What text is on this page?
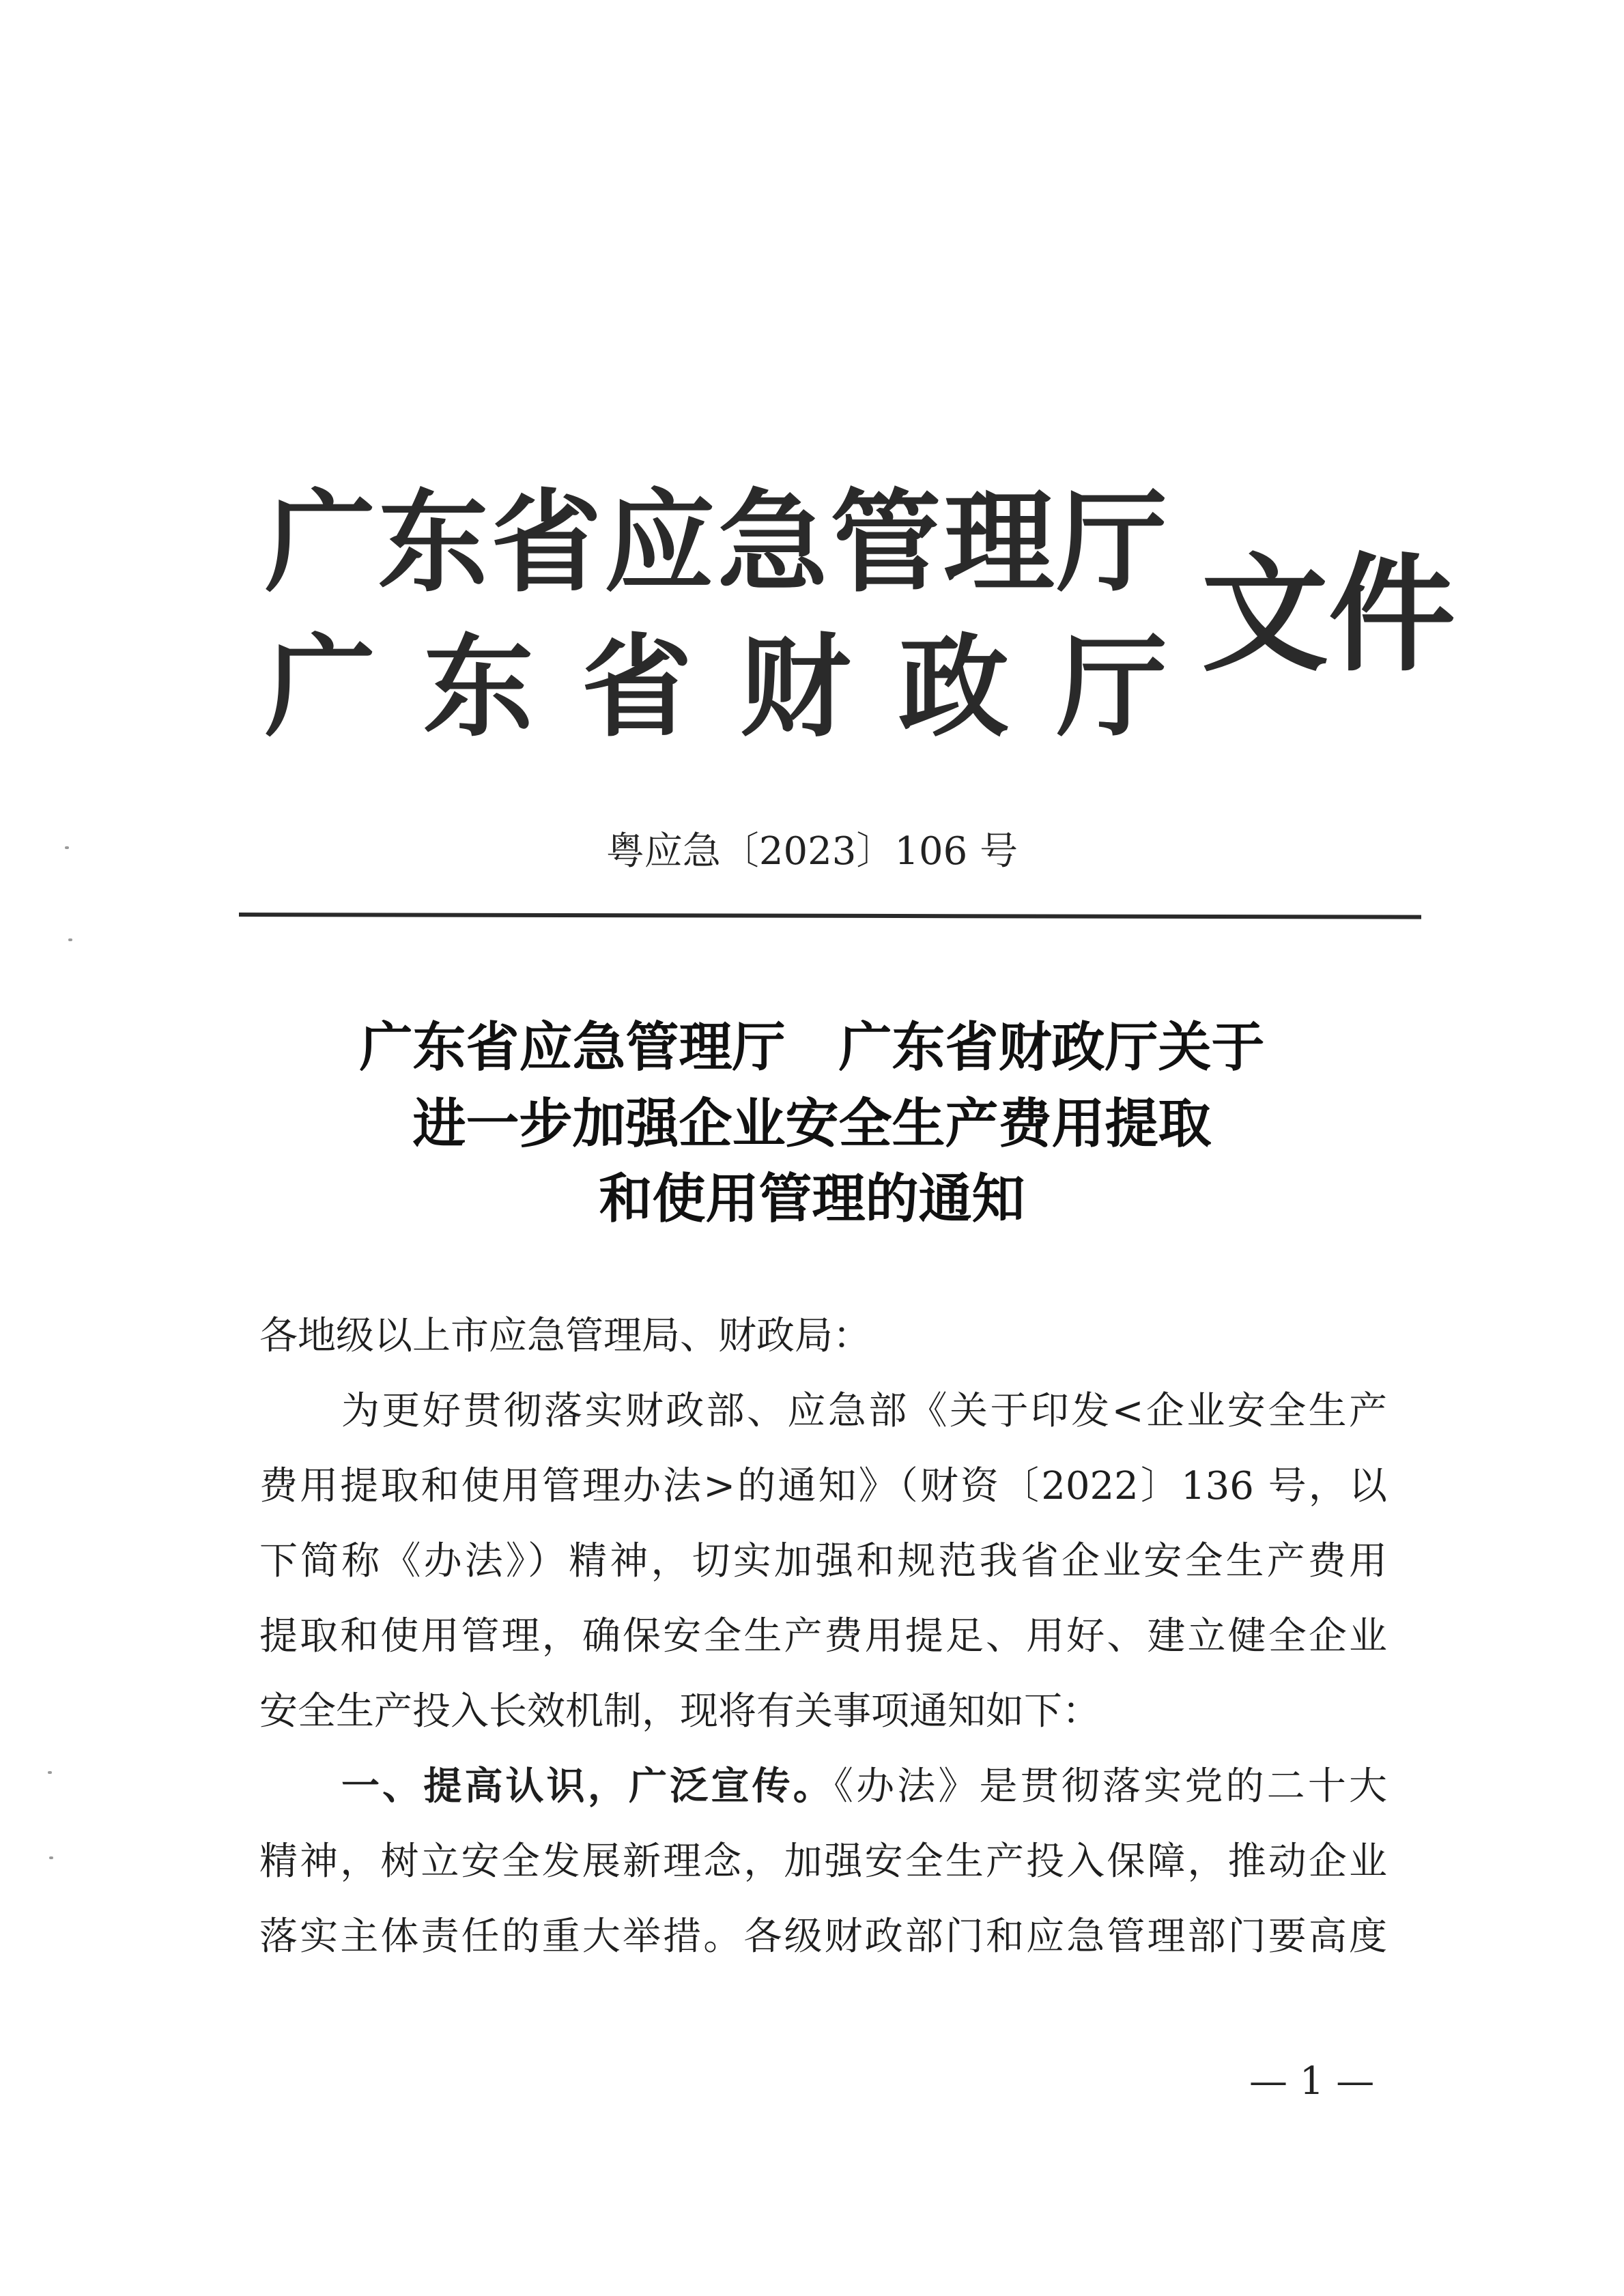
广 东 省 应 急 管 理 厅
广 东 省 财 政 厅 文件
粤应急〔2023〕106 号
广东省应急管理厅 广东省财政厅关于
进一步加强企业安全生产费用提取
和使用管理的通知
各地级以上市应急管理局、财政局：
为更好贯彻落实财政部、应急部《关于印发<企业安全生产
费用提取和使用管理办法>的通知》（财资〔2022〕136 号，以
下简称《办法》）精神，切实加强和规范我省企业安全生产费用
提取和使用管理，确保安全生产费用提足、用好、建立健全企业
安全生产投入长效机制，现将有关事项通知如下：
一、提高认识，广泛宣传。《办法》是贯彻落实党的二十大
精神，树立安全发展新理念，加强安全生产投入保障，推动企业
落实主体责任的重大举措。各级财政部门和应急管理部门要高度
— 1 —
